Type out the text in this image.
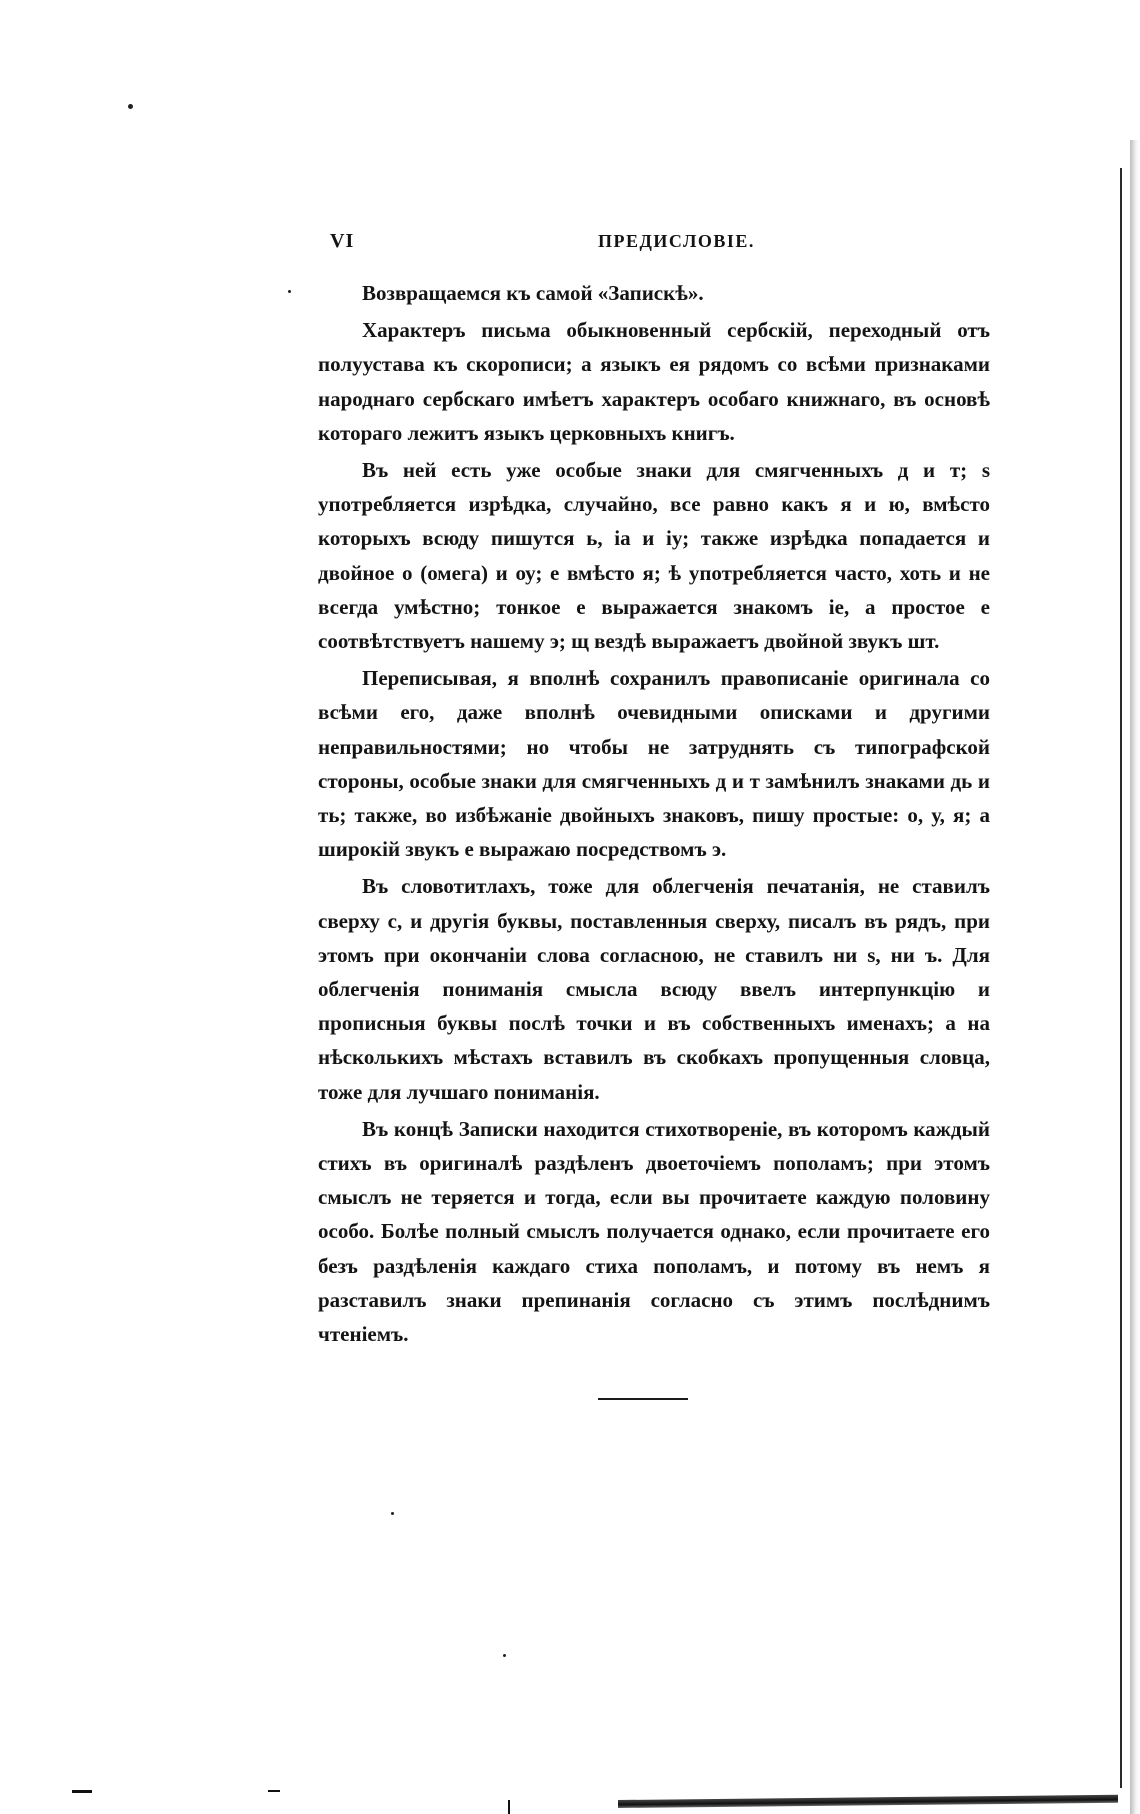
VI	ПРЕДИСЛОВІЕ.

Возвращаемся къ самой «Запискѣ».

Характеръ письма обыкновенный сербскій, переходный отъ полуустава къ скорописи; а языкъ ея рядомъ со всѣми признаками народнаго сербскаго имѣетъ характеръ особаго книжнаго, въ основѣ котораго лежитъ языкъ церковныхъ книгъ.

Въ ней есть уже особые знаки для смягченныхъ д и т; ѕ употребляется изрѣдка, случайно, все равно какъ я и ю, вмѣсто которыхъ всюду пишутся ь, іа и іу; также изрѣдка попадается и двойное о (омега) и оу; е вмѣсто я; ѣ употребляется часто, хоть и не всегда умѣстно; тонкое е выражается знакомъ іе, а простое е соотвѣтствуетъ нашему э; щ вездѣ выражаетъ двойной звукъ шт.

Переписывая, я вполнѣ сохранилъ правописаніе оригинала со всѣми его, даже вполнѣ очевидными описками и другими неправильностями; но чтобы не затруднять съ типографской стороны, особые знаки для смягченныхъ д и т замѣнилъ знаками дь и ть; также, во избѣжаніе двойныхъ знаковъ, пишу простые: о, у, я; а широкій звукъ е выражаю посредствомъ э.

Въ словотитлахъ, тоже для облегченія печатанія, не ставилъ сверху с, и другія буквы, поставленныя сверху, писалъ въ рядъ, при этомъ при окончаніи слова согласною, не ставилъ ни ѕ, ни ъ. Для облегченія пониманія смысла всюду ввелъ интерпункцію и прописныя буквы послѣ точки и въ собственныхъ именахъ; а на нѣсколькихъ мѣстахъ вставилъ въ скобкахъ пропущенныя словца, тоже для лучшаго пониманія.

Въ концѣ Записки находится стихотвореніе, въ которомъ каждый стихъ въ оригиналѣ раздѣленъ двоеточіемъ пополамъ; при этомъ смыслъ не теряется и тогда, если вы прочитаете каждую половину особо. Болѣе полный смыслъ получается однако, если прочитаете его безъ раздѣленія каждаго стиха пополамъ, и потому въ немъ я разставилъ знаки препинанія согласно съ этимъ послѣднимъ чтеніемъ.
